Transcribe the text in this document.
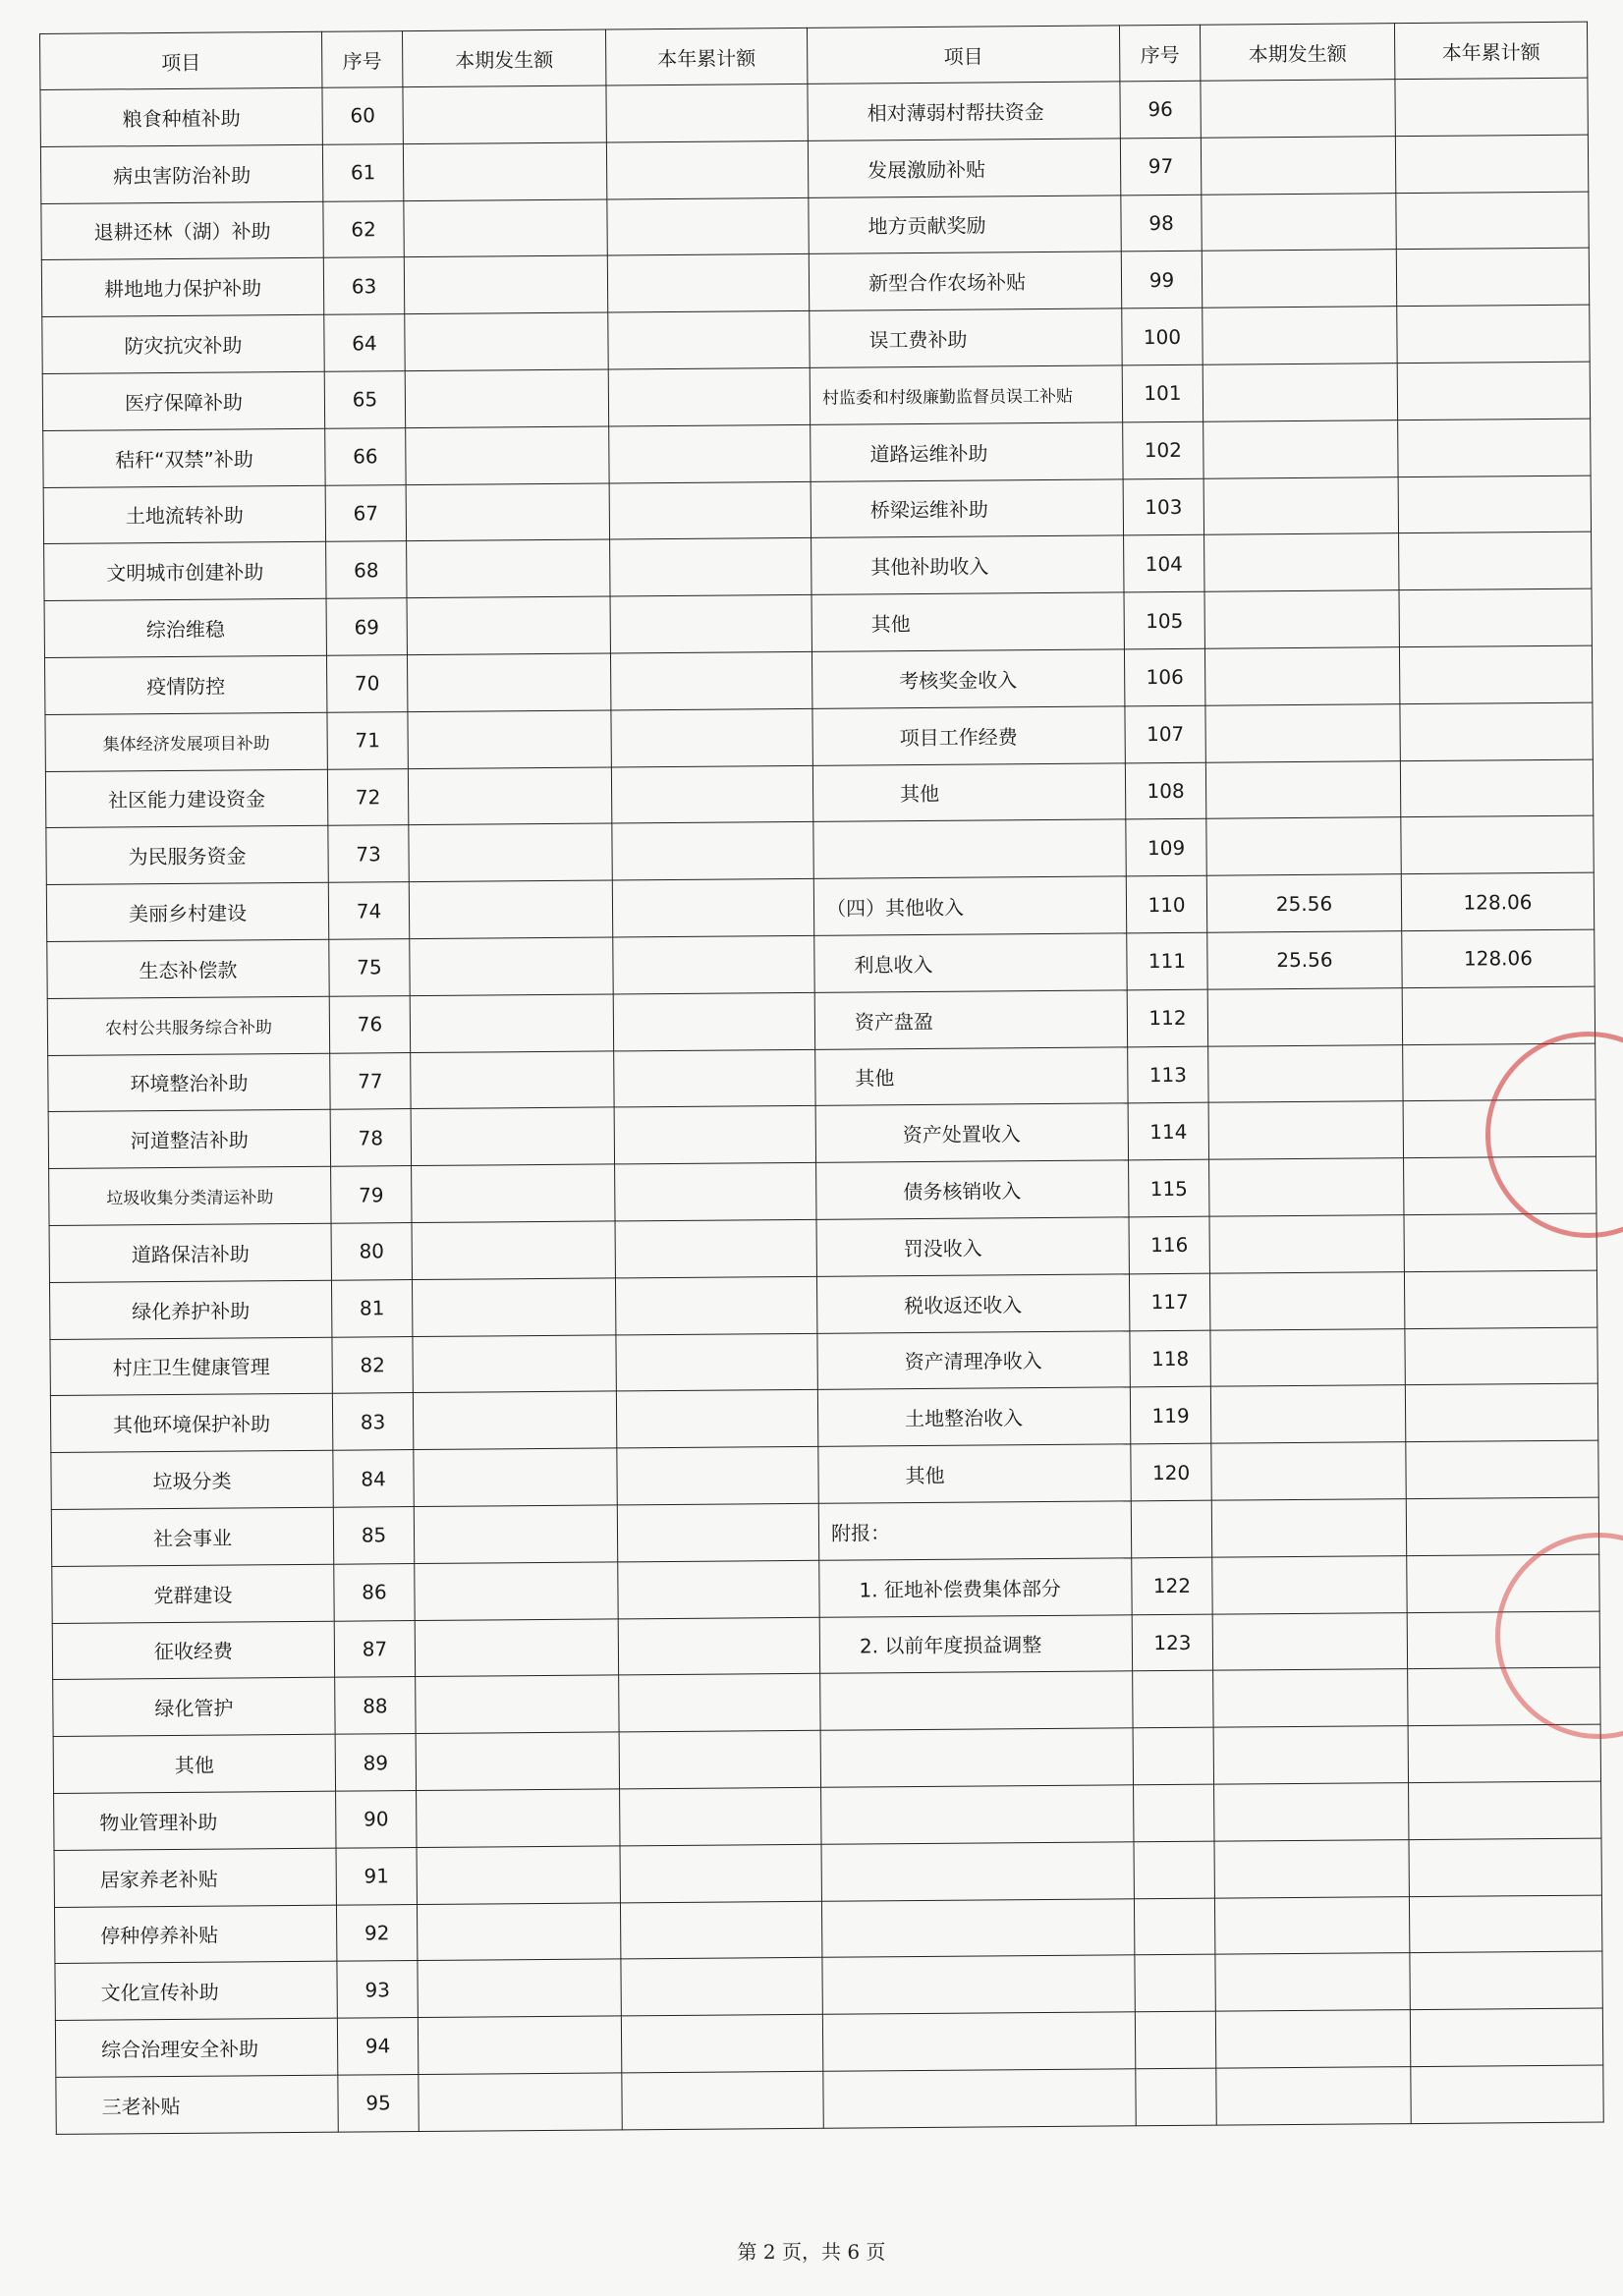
项目	序号	本期发生额	本年累计额	项目	序号	本期发生额	本年累计额
粮食种植补助	60			相对薄弱村帮扶资金	96		
病虫害防治补助	61			发展激励补贴	97		
退耕还林（湖）补助	62			地方贡献奖励	98		
耕地地力保护补助	63			新型合作农场补贴	99		
防灾抗灾补助	64			误工费补助	100		
医疗保障补助	65			村监委和村级廉勤监督员误工补贴	101		
秸秆“双禁”补助	66			道路运维补助	102		
土地流转补助	67			桥梁运维补助	103		
文明城市创建补助	68			其他补助收入	104		
综治维稳	69			其他	105		
疫情防控	70			考核奖金收入	106		
集体经济发展项目补助	71			项目工作经费	107		
社区能力建设资金	72			其他	108		
为民服务资金	73				109		
美丽乡村建设	74			（四）其他收入	110	25.56	128.06
生态补偿款	75			利息收入	111	25.56	128.06
农村公共服务综合补助	76			资产盘盈	112		
环境整治补助	77			其他	113		
河道整洁补助	78			资产处置收入	114		
垃圾收集分类清运补助	79			债务核销收入	115		
道路保洁补助	80			罚没收入	116		
绿化养护补助	81			税收返还收入	117		
村庄卫生健康管理	82			资产清理净收入	118		
其他环境保护补助	83			土地整治收入	119		
垃圾分类	84			其他	120		
社会事业	85			附报：			
党群建设	86			1. 征地补偿费集体部分	122		
征收经费	87			2. 以前年度损益调整	123		
绿化管护	88						
其他	89						
物业管理补助	90						
居家养老补贴	91						
停种停养补贴	92						
文化宣传补助	93						
综合治理安全补助	94						
三老补贴	95						
第 2 页，共 6 页
